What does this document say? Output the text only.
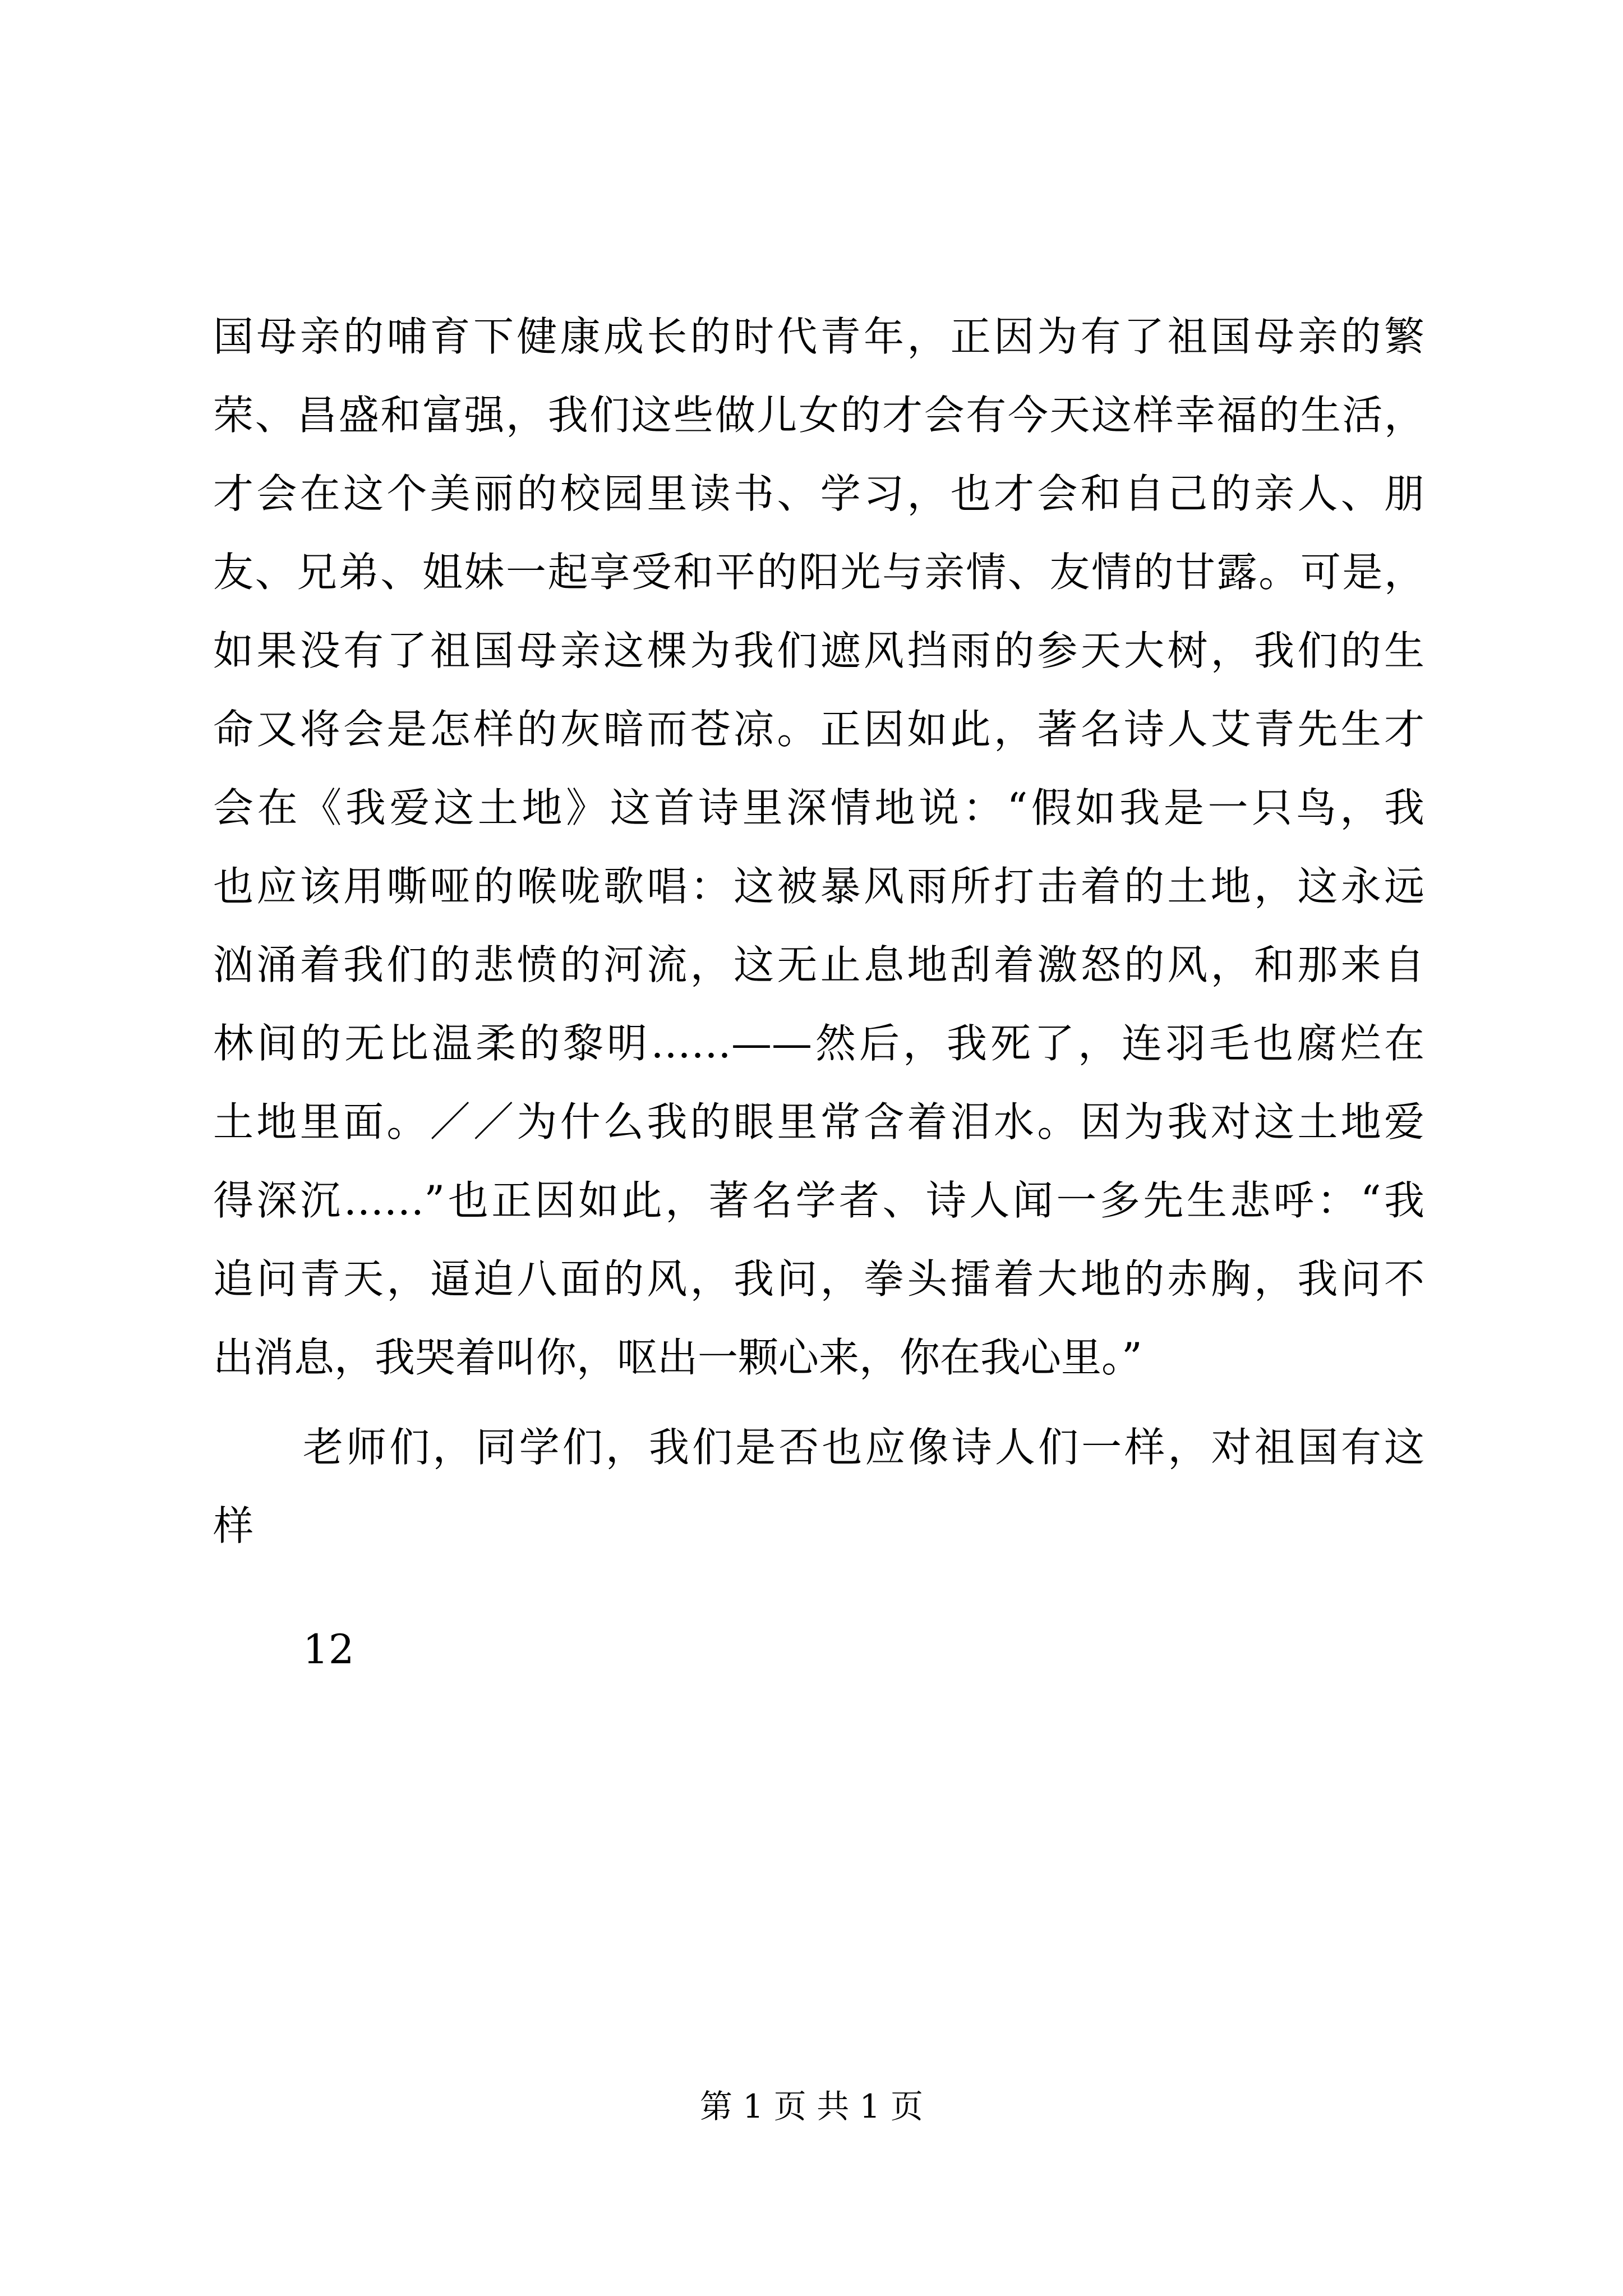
国母亲的哺育下健康成长的时代青年，正因为有了祖国母亲的繁
荣、昌盛和富强，我们这些做儿女的才会有今天这样幸福的生活，
才会在这个美丽的校园里读书、学习，也才会和自己的亲人、朋
友、兄弟、姐妹一起享受和平的阳光与亲情、友情的甘露。可是，
如果没有了祖国母亲这棵为我们遮风挡雨的参天大树，我们的生
命又将会是怎样的灰暗而苍凉。正因如此，著名诗人艾青先生才
会在《我爱这土地》这首诗里深情地说：“假如我是一只鸟，我
也应该用嘶哑的喉咙歌唱：这被暴风雨所打击着的土地，这永远
汹涌着我们的悲愤的河流，这无止息地刮着激怒的风，和那来自
林间的无比温柔的黎明……——然后，我死了，连羽毛也腐烂在
土地里面。／／为什么我的眼里常含着泪水。因为我对这土地爱
得深沉……”也正因如此，著名学者、诗人闻一多先生悲呼：“我
追问青天，逼迫八面的风，我问，拳头擂着大地的赤胸，我问不
出消息，我哭着叫你，呕出一颗心来，你在我心里。”
老师们，同学们，我们是否也应像诗人们一样，对祖国有这
样
12
第 1 页 共 1 页
